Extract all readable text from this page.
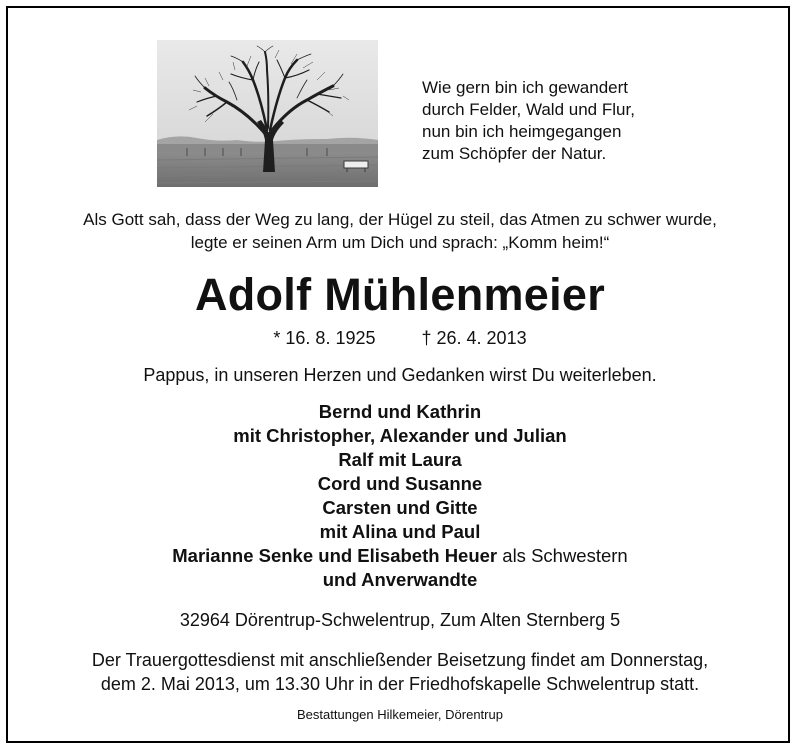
Wie gern bin ich gewandert
durch Felder, Wald und Flur,
nun bin ich heimgegangen
zum Schöpfer der Natur.
Als Gott sah, dass der Weg zu lang, der Hügel zu steil, das Atmen zu schwer wurde,
legte er seinen Arm um Dich und sprach: „Komm heim!“
Adolf Mühlenmeier
* 16. 8. 1925	† 26. 4. 2013
Pappus, in unseren Herzen und Gedanken wirst Du weiterleben.
Bernd und Kathrin
mit Christopher, Alexander und Julian
Ralf mit Laura
Cord und Susanne
Carsten und Gitte
mit Alina und Paul
Marianne Senke und Elisabeth Heuer als Schwestern
und Anverwandte
32964 Dörentrup-Schwelentrup, Zum Alten Sternberg 5
Der Trauergottesdienst mit anschließender Beisetzung findet am Donnerstag,
dem 2. Mai 2013, um 13.30 Uhr in der Friedhofskapelle Schwelentrup statt.
Bestattungen Hilkemeier, Dörentrup
